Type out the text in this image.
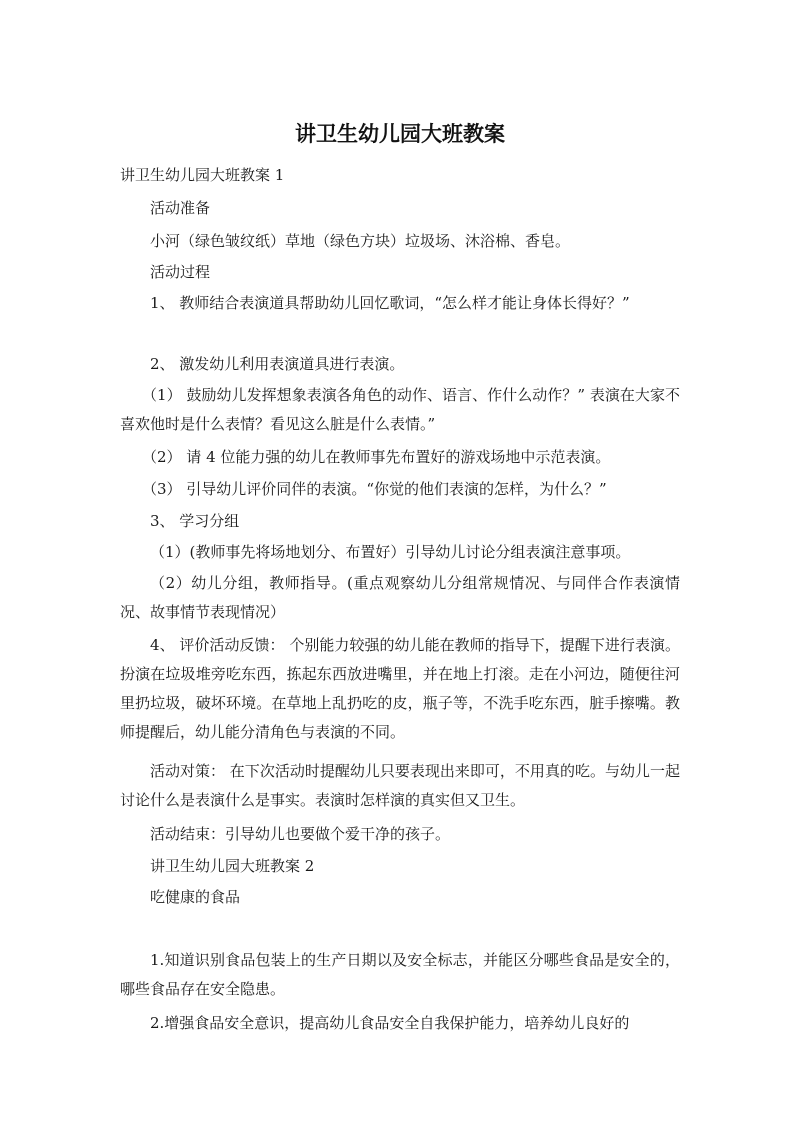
讲卫生幼儿园大班教案

讲卫生幼儿园大班教案 1

活动准备

小河（绿色皱纹纸）草地（绿色方块）垃圾场、沐浴棉、香皂。

活动过程

1、 教师结合表演道具帮助幼儿回忆歌词，“怎么样才能让身体长得好？”

2、 激发幼儿利用表演道具进行表演。

（1） 鼓励幼儿发挥想象表演各角色的动作、语言、作什么动作？” 表演在大家不喜欢他时是什么表情？看见这么脏是什么表情。”

（2） 请 4 位能力强的幼儿在教师事先布置好的游戏场地中示范表演。

（3） 引导幼儿评价同伴的表演。“你觉的他们表演的怎样，为什么？”

3、 学习分组

（1）(教师事先将场地划分、布置好）引导幼儿讨论分组表演注意事项。

（2）幼儿分组，教师指导。(重点观察幼儿分组常规情况、与同伴合作表演情况、故事情节表现情况）

4、 评价活动反馈： 个别能力较强的幼儿能在教师的指导下，提醒下进行表演。扮演在垃圾堆旁吃东西，拣起东西放进嘴里，并在地上打滚。走在小河边，随便往河里扔垃圾，破坏环境。在草地上乱扔吃的皮，瓶子等，不洗手吃东西，脏手擦嘴。教师提醒后，幼儿能分清角色与表演的不同。

活动对策： 在下次活动时提醒幼儿只要表现出来即可，不用真的吃。与幼儿一起讨论什么是表演什么是事实。表演时怎样演的真实但又卫生。

活动结束：引导幼儿也要做个爱干净的孩子。

讲卫生幼儿园大班教案 2

吃健康的食品

1.知道识别食品包装上的生产日期以及安全标志，并能区分哪些食品是安全的，哪些食品存在安全隐患。

2.增强食品安全意识，提高幼儿食品安全自我保护能力，培养幼儿良好的
